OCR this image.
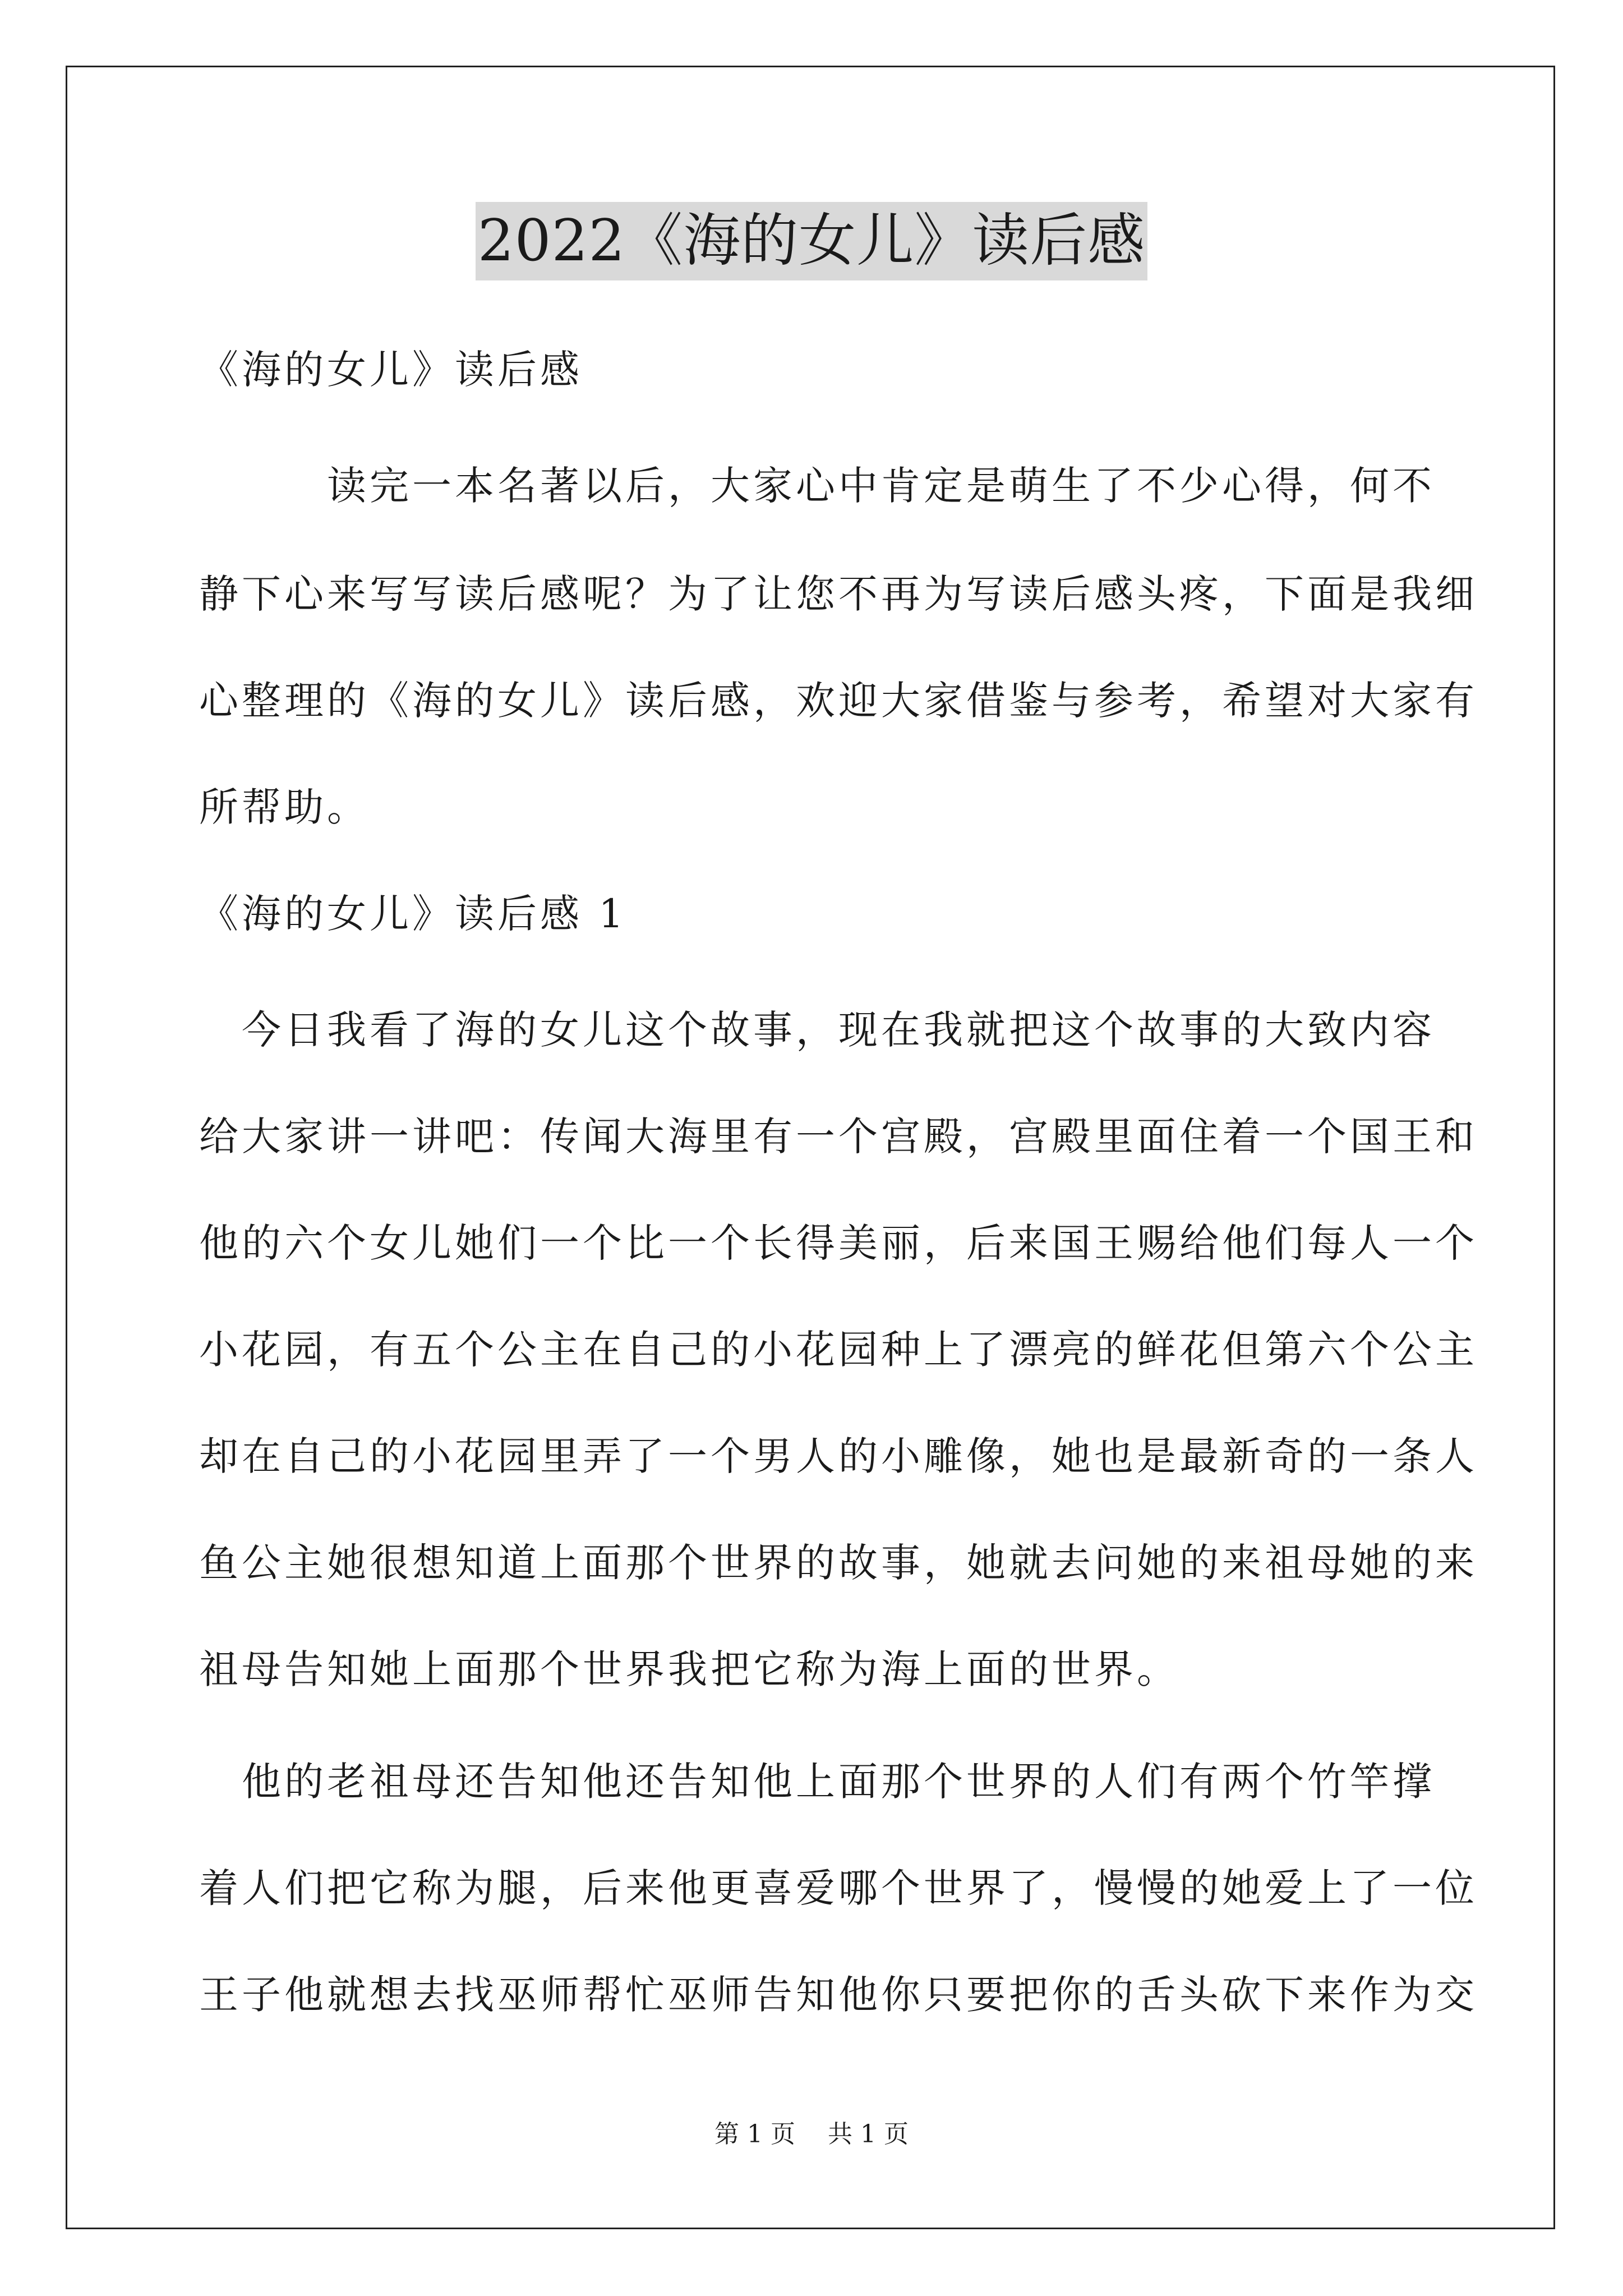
2022《海的女儿》读后感
《海的女儿》读后感
　　　读完一本名著以后，大家心中肯定是萌生了不少心得，何不
静下心来写写读后感呢？为了让您不再为写读后感头疼，下面是我细
心整理的《海的女儿》读后感，欢迎大家借鉴与参考，希望对大家有
所帮助。
《海的女儿》读后感 1
　今日我看了海的女儿这个故事，现在我就把这个故事的大致内容
给大家讲一讲吧：传闻大海里有一个宫殿，宫殿里面住着一个国王和
他的六个女儿她们一个比一个长得美丽，后来国王赐给他们每人一个
小花园，有五个公主在自己的小花园种上了漂亮的鲜花但第六个公主
却在自己的小花园里弄了一个男人的小雕像，她也是最新奇的一条人
鱼公主她很想知道上面那个世界的故事，她就去问她的来祖母她的来
祖母告知她上面那个世界我把它称为海上面的世界。
　他的老祖母还告知他还告知他上面那个世界的人们有两个竹竿撑
着人们把它称为腿，后来他更喜爱哪个世界了，慢慢的她爱上了一位
王子他就想去找巫师帮忙巫师告知他你只要把你的舌头砍下来作为交
第 1 页　 共 1 页
